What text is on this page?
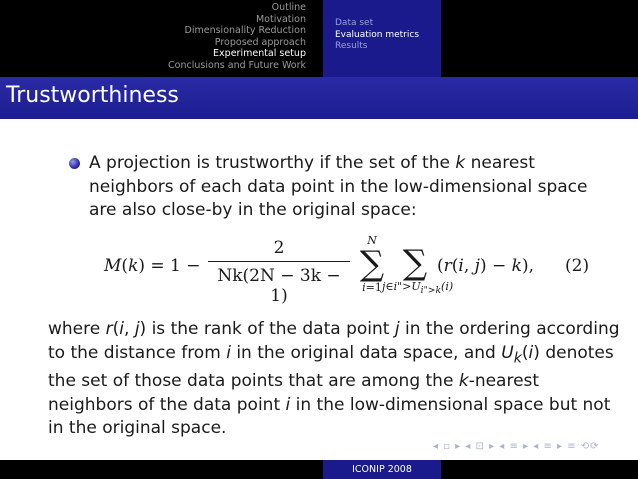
Outline
Motivation
Dimensionality Reduction
Proposed approach
Experimental setup
Conclusions and Future Work
Data set
Evaluation metrics
Results
Trustworthiness
A projection is trustworthy if the set of the k nearest neighbors of each data point in the low-dimensional space are also close-by in the original space:
M(k) = 1 −
2
Nk(2N − 3k − 1)
N
∑
i=1
∑
$j\in i">U_{i">k}(i)$
(r(i, j) − k), (2)
where r(i, j) is the rank of the data point j in the ordering according to the distance from i in the original data space, and $U_k(i)$ denotes the set of those data points that are among the k-nearest neighbors of the data point i in the low-dimensional space but not in the original space.
◂ ▫ ▸ ◂ ⊡ ▸ ◂ ≡ ▸ ◂ ≡ ▸ ≡ ⟲⟳
ICONIP 2008
